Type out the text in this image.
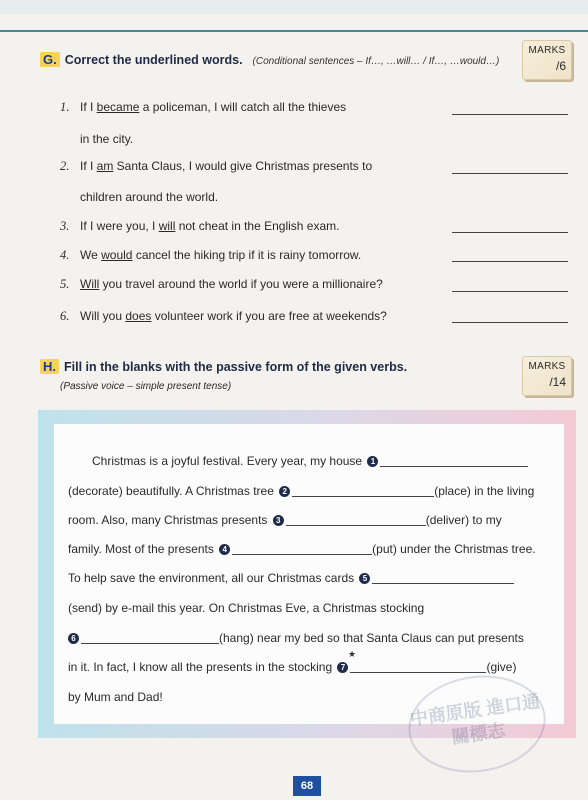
G. Correct the underlined words. (Conditional sentences – If…, …will… / If…, …would…)
MARKS
/6
1. If I became a policeman, I will catch all the thieves
in the city.
2. If I am Santa Claus, I would give Christmas presents to
children around the world.
3. If I were you, I will not cheat in the English exam.
4. We would cancel the hiking trip if it is rainy tomorrow.
5. Will you travel around the world if you were a millionaire?
6. Will you does volunteer work if you are free at weekends?
H. Fill in the blanks with the passive form of the given verbs.
(Passive voice – simple present tense)
MARKS
/14
Christmas is a joyful festival. Every year, my house 1
(decorate) beautifully. A Christmas tree 2	(place) in the living
room. Also, many Christmas presents 3	(deliver) to my
family. Most of the presents 4	(put) under the Christmas tree.
To help save the environment, all our Christmas cards 5
(send) by e-mail this year. On Christmas Eve, a Christmas stocking
6	(hang) near my bed so that Santa Claus can put presents
★
in it. In fact, I know all the presents in the stocking 7	(give)
by Mum and Dad!	中商原版 進口通關標志
68
